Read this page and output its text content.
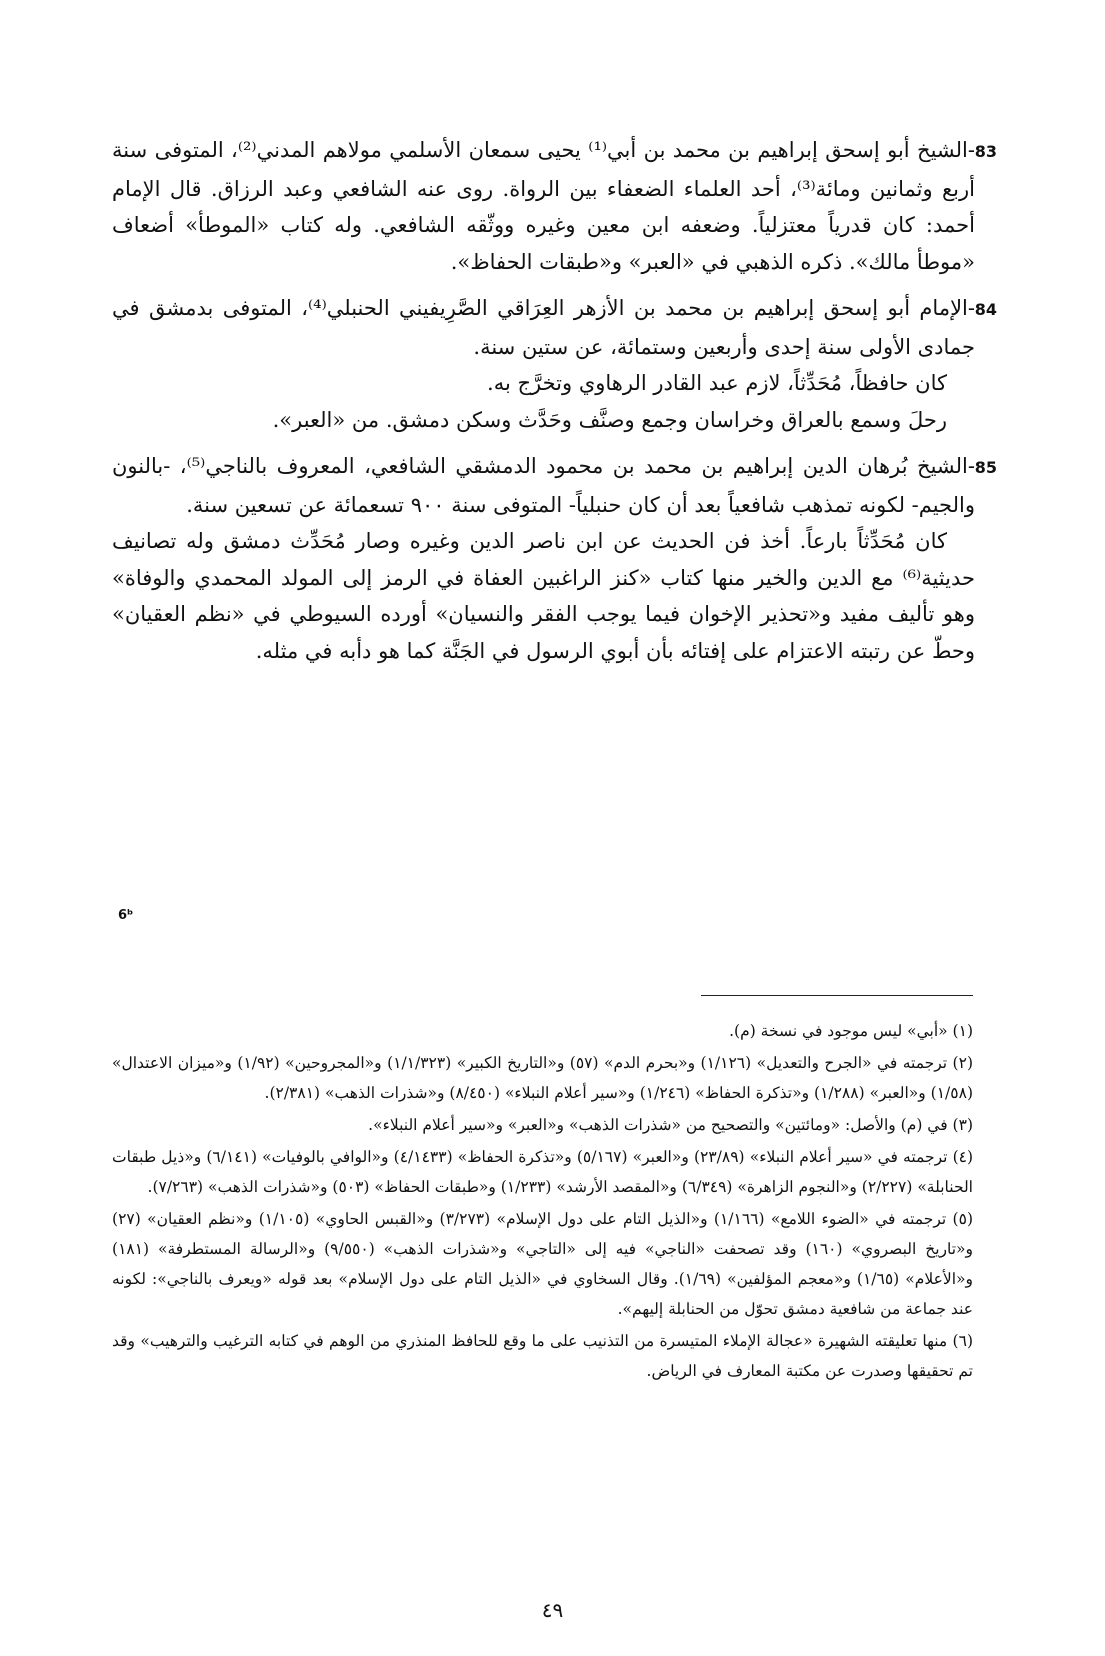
83-الشيخ أبو إسحق إبراهيم بن محمد بن أبي⁽¹⁾ يحيى سمعان الأسلمي مولاهم المدني⁽²⁾، المتوفى سنة أربع وثمانين ومائة⁽³⁾، أحد العلماء الضعفاء بين الرواة. روى عنه الشافعي وعبد الرزاق. قال الإمام أحمد: كان قدرياً معتزلياً. وضعفه ابن معين وغيره ووثّقه الشافعي. وله كتاب «الموطأ» أضعاف «موطأ مالك». ذكره الذهبي في «العبر» و«طبقات الحفاظ».

84-الإمام أبو إسحق إبراهيم بن محمد بن الأزهر العِرَاقي الصَّرِيفيني الحنبلي⁽⁴⁾، المتوفى بدمشق في جمادى الأولى سنة إحدى وأربعين وستمائة، عن ستين سنة.

كان حافظاً، مُحَدِّثاً، لازم عبد القادر الرهاوي وتخرَّج به.

رحلَ وسمع بالعراق وخراسان وجمع وصنَّف وحَدَّث وسكن دمشق. من «العبر».

85-الشيخ بُرهان الدين إبراهيم بن محمد بن محمود الدمشقي الشافعي، المعروف بالناجي⁽⁵⁾، -بالنون والجيم- لكونه تمذهب شافعياً بعد أن كان حنبلياً- المتوفى سنة ٩٠٠ تسعمائة عن تسعين سنة.

كان مُحَدِّثاً بارعاً. أخذ فن الحديث عن ابن ناصر الدين وغيره وصار مُحَدِّث دمشق وله تصانيف حديثية⁽⁶⁾ مع الدين والخير منها كتاب «كنز الراغبين العفاة في الرمز إلى المولد المحمدي والوفاة» وهو تأليف مفيد و«تحذير الإخوان فيما يوجب الفقر والنسيان» أورده السيوطي في «نظم العقيان» وحطّ عن رتبته الاعتزام على إفتائه بأن أبوي الرسول في الجَنَّة كما هو دأبه في مثله.

6ᵇ

(١) «أبي» ليس موجود في نسخة (م).

(٢) ترجمته في «الجرح والتعديل» (١/١٢٦) و«بحرم الدم» (٥٧) و«التاريخ الكبير» (١/١/٣٢٣) و«المجروحين» (١/٩٢) و«ميزان الاعتدال» (١/٥٨) و«العبر» (١/٢٨٨) و«تذكرة الحفاظ» (١/٢٤٦) و«سير أعلام النبلاء» (٨/٤٥٠) و«شذرات الذهب» (٢/٣٨١).

(٣) في (م) والأصل: «ومائتين» والتصحيح من «شذرات الذهب» و«العبر» و«سير أعلام النبلاء».

(٤) ترجمته في «سير أعلام النبلاء» (٢٣/٨٩) و«العبر» (٥/١٦٧) و«تذكرة الحفاظ» (٤/١٤٣٣) و«الوافي بالوفيات» (٦/١٤١) و«ذيل طبقات الحنابلة» (٢/٢٢٧) و«النجوم الزاهرة» (٦/٣٤٩) و«المقصد الأرشد» (١/٢٣٣) و«طبقات الحفاظ» (٥٠٣) و«شذرات الذهب» (٧/٢٦٣).

(٥) ترجمته في «الضوء اللامع» (١/١٦٦) و«الذيل التام على دول الإسلام» (٣/٢٧٣) و«القبس الحاوي» (١/١٠٥) و«نظم العقيان» (٢٧) و«تاريخ البصروي» (١٦٠) وقد تصحفت «الناجي» فيه إلى «التاجي» و«شذرات الذهب» (٩/٥٥٠) و«الرسالة المستطرفة» (١٨١) و«الأعلام» (١/٦٥) و«معجم المؤلفين» (١/٦٩). وقال السخاوي في «الذيل التام على دول الإسلام» بعد قوله «ويعرف بالناجي»: لكونه عند جماعة من شافعية دمشق تحوّل من الحنابلة إليهم».

(٦) منها تعليقته الشهيرة «عجالة الإملاء المتيسرة من التذنيب على ما وقع للحافظ المنذري من الوهم في كتابه الترغيب والترهيب» وقد تم تحقيقها وصدرت عن مكتبة المعارف في الرياض.

٤٩
